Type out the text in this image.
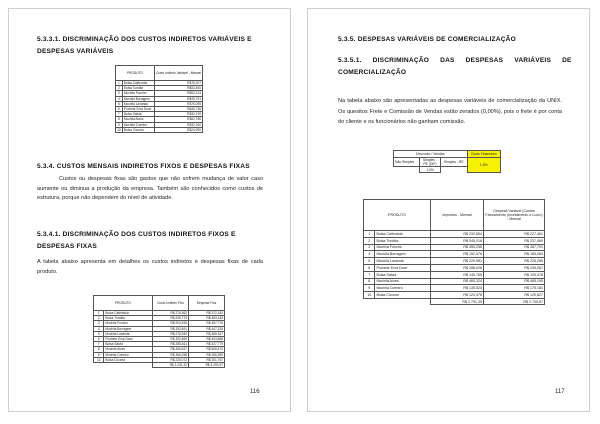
5.3.3.1. DISCRIMINAÇÃO DOS CUSTOS INDIRETOS VARIÁVEIS E
DESPESAS VARIÁVEIS
PRODUTO		Custo Indireto Variável - Mensal
1	Bolsa Calêndula	R$76,207
2	Bolsa Tundita	R$53,460
3	Mochila Funcho	R$52,313
4	Mochila Borragem	R$49,751
5	Mochila Lavanda	R$76,095
6	Pochete Erva Doce	R$46,736
7	Bolsa Sálvia	R$32,139
8	Mochila Aloes	R$62,786
9	Mochila Coentro	R$32,160
10	Bolsa Cicuma	R$24,090
5.3.4. CUSTOS MENSAIS INDIRETOS FIXOS E DESPESAS FIXAS
Custos ou despesas fixas são gastos que não sofrem mudança de valor caso aumente ou diminua a produção da empresa. Também são conhecidos como custos de estrutura, porque não dependem do nível de atividade.
5.3.4.1. DISCRIMINAÇÃO DOS CUSTOS INDIRETOS FIXOS E
DESPESAS FIXAS
A tabela abaixo apresenta em detalhes os custos indiretos e despesas fixas de cada produto.
PRODUTO		Custo Indireto Fixo	Despesa Fixa
1	Bolsa Calêndula	R$ 276,362	R$ 372,182
2	Bolsa Tundita	R$ 205,775	R$ 483,345
3	Mochila Funcho	R$ 202,535	R$ 467,776
4	Mochila Borragem	R$ 193,691	R$ 447,226
5	Mochila Lavanda	R$ 276,930	R$ 369,947
6	Pochete Erva Doce	R$ 302,669	R$ 403,866
7	Bolsa Sálvia	R$ 285,461	R$ 427,779
8	Mochila Aloes	R$ 456,627	R$ 608,470
9	Mochila Coentro	R$ 366,258	R$ 266,959
10	Bolsa Cicuma	R$ 226,072	R$ 301,767
		R$ 1.231,22	R$ 4.290,97
116
5.3.5. DESPESAS VARIÁVEIS DE COMERCIALIZAÇÃO
5.3.5.1. DISCRIMINAÇÃO DAS DESPESAS VARIÁVEIS DE
COMERCIALIZAÇÃO
Na tabela abaixo são apresentadas as despesas variáveis de comercialização da UNIX. Os quesitos Frete e Comissão de Vendas estão zerados (0,00%), pois o frete é por conta do cliente e os funcionários não ganham comissão.
Desconto / Vendas			Custo Financeiro
Não Simples	Simples - PE (DIF)	Simples - RE	1,5%
	1,0%		
PRODUTO		Impostos - Mensal	Despesa Variável (Custos Faturamento (Investimento e Lucro) - Mensal
1	Bolsa Calêndula	R$ 232,654	R$ 227,461
2	Bolsa Tundita	R$ 345,016	R$ 237,069
3	Mochila Funcho	R$ 455,256	R$ 467,791
4	Mochila Borragem	R$ 152,576	R$ 165,064
5	Mochila Lavanda	R$ 229,981	R$ 226,285
6	Pochete Erva Doce	R$ 286,028	R$ 255,067
7	Bolsa Sálvia	R$ 145,765	R$ 109,478
8	Mochila Aloes	R$ 465,324	R$ 465,195
9	Mochila Coentro	R$ 135,520	R$ 175,181
10	Bolsa Cicuma	R$ 123,478	R$ 120,627
		R$ 2.791,35	R$ 2.709,67
117
